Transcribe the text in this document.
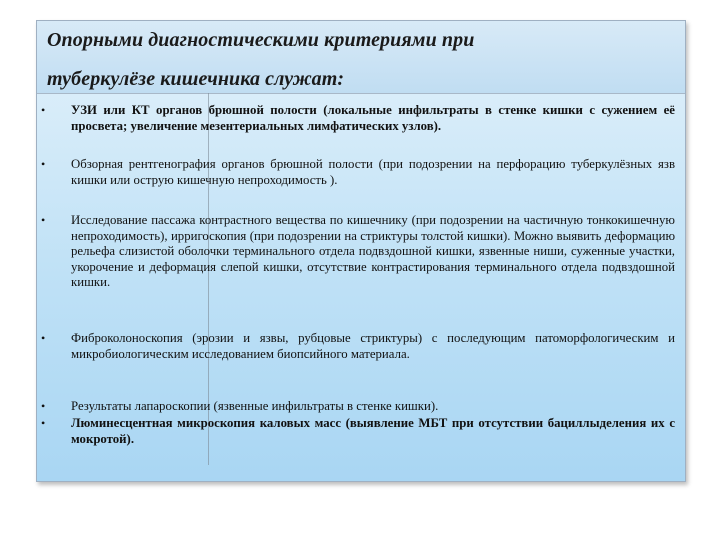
Опорными диагностическими критериями при
туберкулёзе кишечника служат:
• УЗИ или КТ органов брюшной полости (локальные инфильтраты в стенке кишки с сужением её просвета; увеличение мезентериальных лимфатических узлов).
• Обзорная рентгенография органов брюшной полости (при подозрении на перфорацию туберкулёзных язв кишки или острую кишечную непроходимость ).
• Исследование пассажа контрастного вещества по кишечнику (при подозрении на частичную тонкокишечную непроходимость), ирригоскопия (при подозрении на стриктуры толстой кишки). Можно выявить деформацию рельефа слизистой оболочки терминального отдела подвздошной кишки, язвенные ниши, суженные участки, укорочение и деформация слепой кишки, отсутствие контрастирования терминального отдела подвздошной кишки.
• Фиброколоноскопия (эрозии и язвы, рубцовые стриктуры) с последующим патоморфологическим и микробиологическим исследованием биопсийного материала.
• Результаты лапароскопии (язвенные инфильтраты в стенке кишки).
• Люминесцентная микроскопия каловых масс (выявление МБТ при отсутствии бациллыделения их с мокротой).
